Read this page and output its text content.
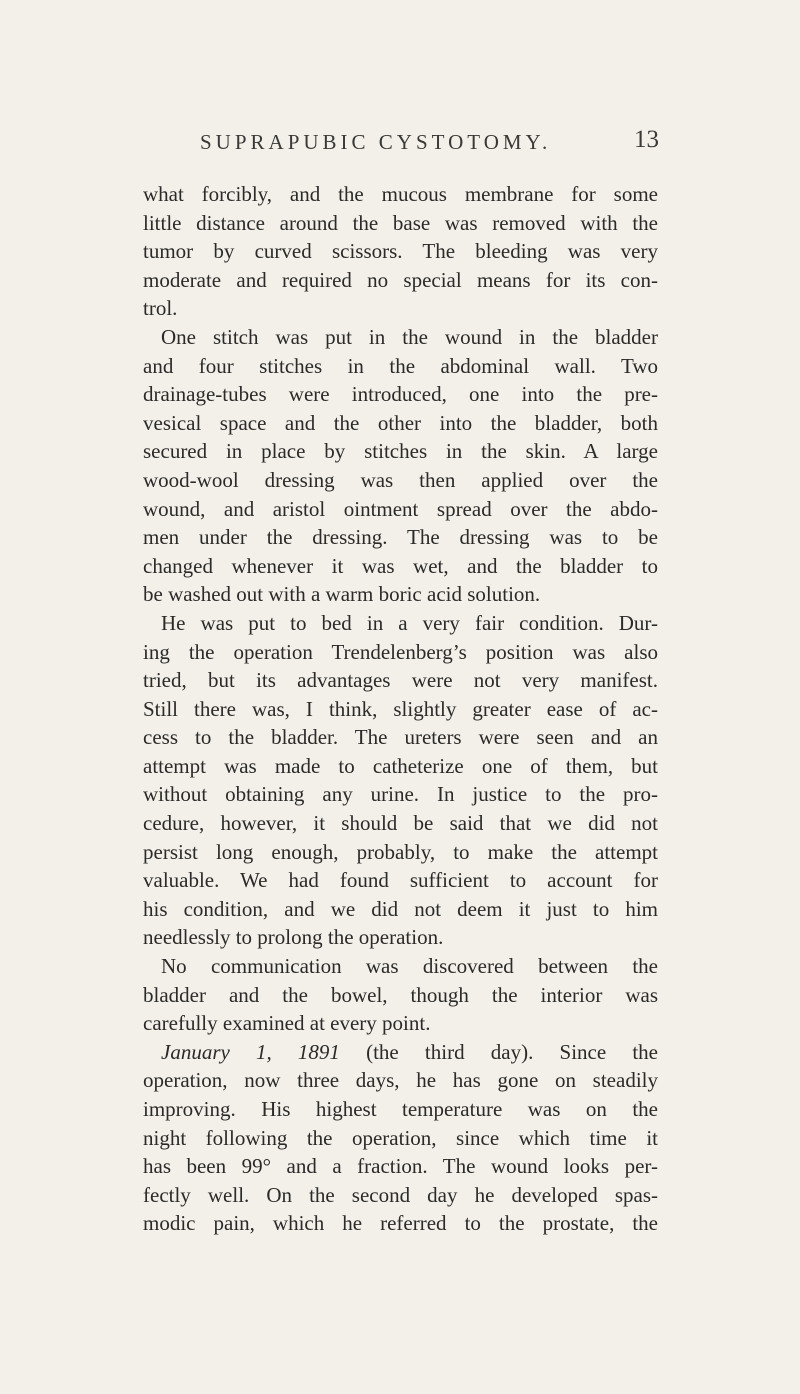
SUPRAPUBIC CYSTOTOMY.	13
what forcibly, and the mucous membrane for some
little distance around the base was removed with the
tumor by curved scissors. The bleeding was very
moderate and required no special means for its con-
trol.
One stitch was put in the wound in the bladder
and four stitches in the abdominal wall. Two
drainage-tubes were introduced, one into the pre-
vesical space and the other into the bladder, both
secured in place by stitches in the skin. A large
wood-wool dressing was then applied over the
wound, and aristol ointment spread over the abdo-
men under the dressing. The dressing was to be
changed whenever it was wet, and the bladder to
be washed out with a warm boric acid solution.
He was put to bed in a very fair condition. Dur-
ing the operation Trendelenberg’s position was also
tried, but its advantages were not very manifest.
Still there was, I think, slightly greater ease of ac-
cess to the bladder. The ureters were seen and an
attempt was made to catheterize one of them, but
without obtaining any urine. In justice to the pro-
cedure, however, it should be said that we did not
persist long enough, probably, to make the attempt
valuable. We had found sufficient to account for
his condition, and we did not deem it just to him
needlessly to prolong the operation.
No communication was discovered between the
bladder and the bowel, though the interior was
carefully examined at every point.
January 1, 1891 (the third day). Since the
operation, now three days, he has gone on steadily
improving. His highest temperature was on the
night following the operation, since which time it
has been 99° and a fraction. The wound looks per-
fectly well. On the second day he developed spas-
modic pain, which he referred to the prostate, the
